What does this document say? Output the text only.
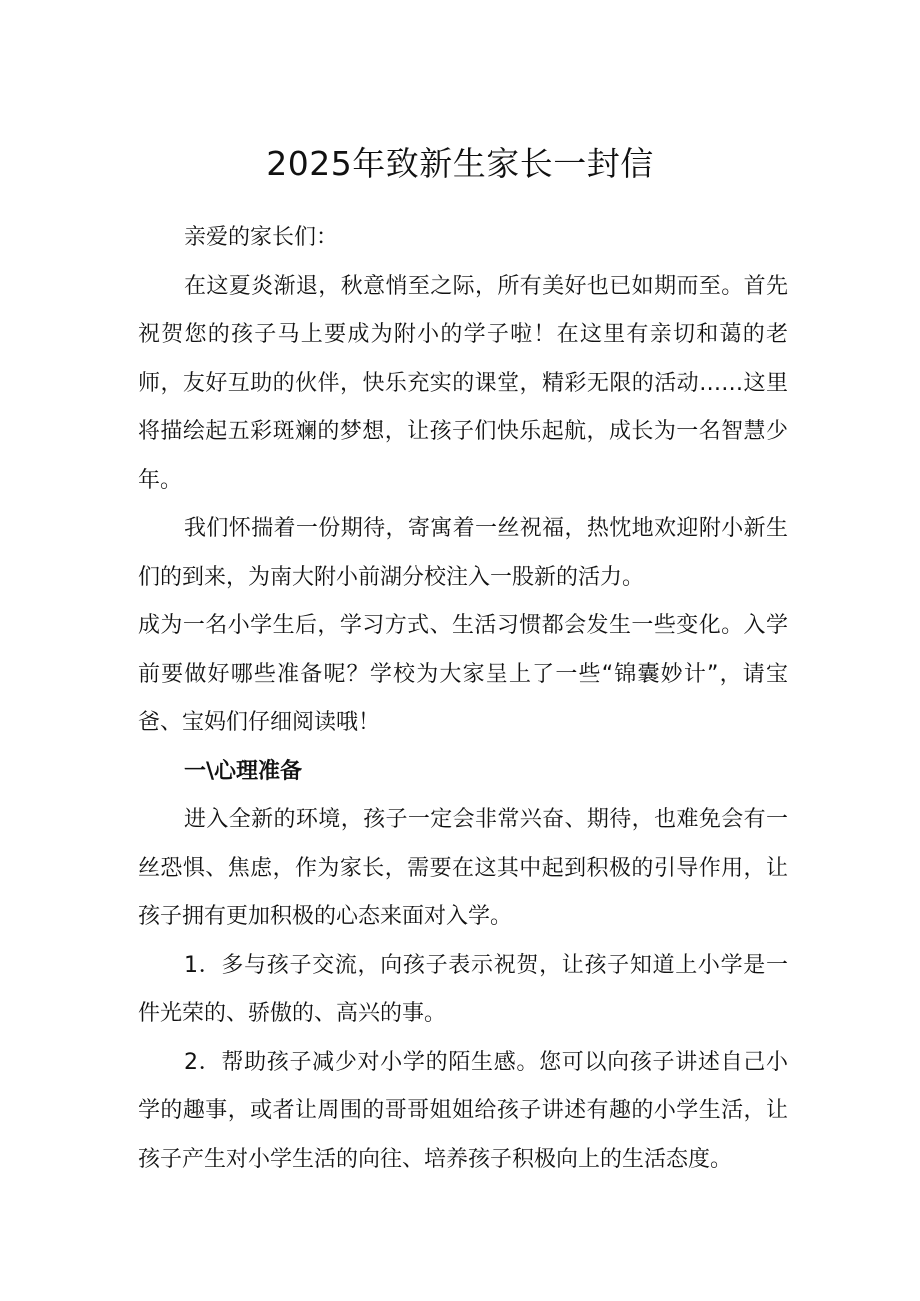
2025年致新生家长一封信

亲爱的家长们：

在这夏炎渐退，秋意悄至之际，所有美好也已如期而至。首先祝贺您的孩子马上要成为附小的学子啦！在这里有亲切和蔼的老师，友好互助的伙伴，快乐充实的课堂，精彩无限的活动……这里将描绘起五彩斑斓的梦想，让孩子们快乐起航，成长为一名智慧少年。

我们怀揣着一份期待，寄寓着一丝祝福，热忱地欢迎附小新生们的到来，为南大附小前湖分校注入一股新的活力。

成为一名小学生后，学习方式、生活习惯都会发生一些变化。入学前要做好哪些准备呢？学校为大家呈上了一些“锦囊妙计”，请宝爸、宝妈们仔细阅读哦！

一\心理准备

进入全新的环境，孩子一定会非常兴奋、期待，也难免会有一丝恐惧、焦虑，作为家长，需要在这其中起到积极的引导作用，让孩子拥有更加积极的心态来面对入学。

1．多与孩子交流，向孩子表示祝贺，让孩子知道上小学是一件光荣的、骄傲的、高兴的事。

2．帮助孩子减少对小学的陌生感。您可以向孩子讲述自己小学的趣事，或者让周围的哥哥姐姐给孩子讲述有趣的小学生活，让孩子产生对小学生活的向往、培养孩子积极向上的生活态度。
